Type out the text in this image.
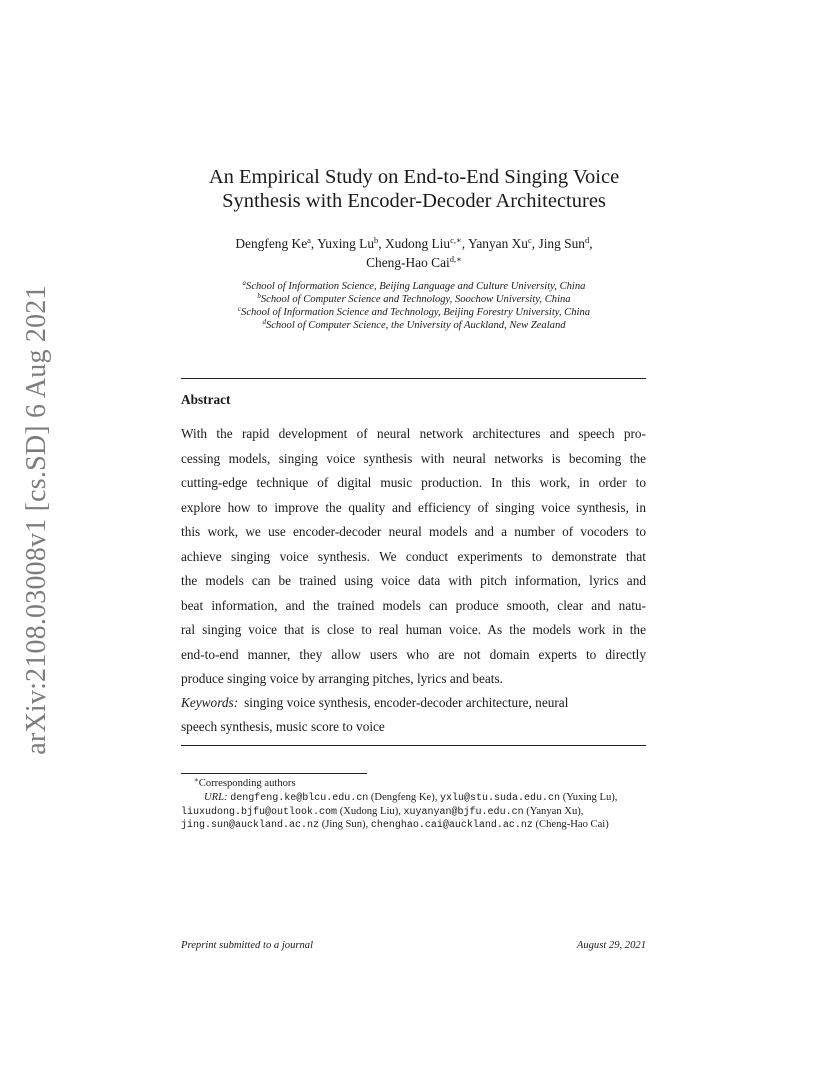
arXiv:2108.03008v1 [cs.SD] 6 Aug 2021
An Empirical Study on End-to-End Singing Voice
Synthesis with Encoder-Decoder Architectures
Dengfeng Ke$^a$, Yuxing Lu$^b$, Xudong Liu$^{c,∗}$, Yanyan Xu$^c$, Jing Sun$^d$,
Cheng-Hao Cai$^{d,∗}$
$^a$School of Information Science, Beijing Language and Culture University, China
$^b$School of Computer Science and Technology, Soochow University, China
$^c$School of Information Science and Technology, Beijing Forestry University, China
$^d$School of Computer Science, the University of Auckland, New Zealand
Abstract
With the rapid development of neural network architectures and speech pro-
cessing models, singing voice synthesis with neural networks is becoming the
cutting-edge technique of digital music production. In this work, in order to
explore how to improve the quality and efficiency of singing voice synthesis, in
this work, we use encoder-decoder neural models and a number of vocoders to
achieve singing voice synthesis. We conduct experiments to demonstrate that
the models can be trained using voice data with pitch information, lyrics and
beat information, and the trained models can produce smooth, clear and natu-
ral singing voice that is close to real human voice. As the models work in the
end-to-end manner, they allow users who are not domain experts to directly
produce singing voice by arranging pitches, lyrics and beats.
Keywords: singing voice synthesis, encoder-decoder architecture, neural
speech synthesis, music score to voice
∗Corresponding authors
URL: dengfeng.ke@blcu.edu.cn (Dengfeng Ke), yxlu@stu.suda.edu.cn (Yuxing Lu),
liuxudong.bjfu@outlook.com (Xudong Liu), xuyanyan@bjfu.edu.cn (Yanyan Xu),
jing.sun@auckland.ac.nz (Jing Sun), chenghao.cai@auckland.ac.nz (Cheng-Hao Cai)
Preprint submitted to a journal	August 29, 2021
